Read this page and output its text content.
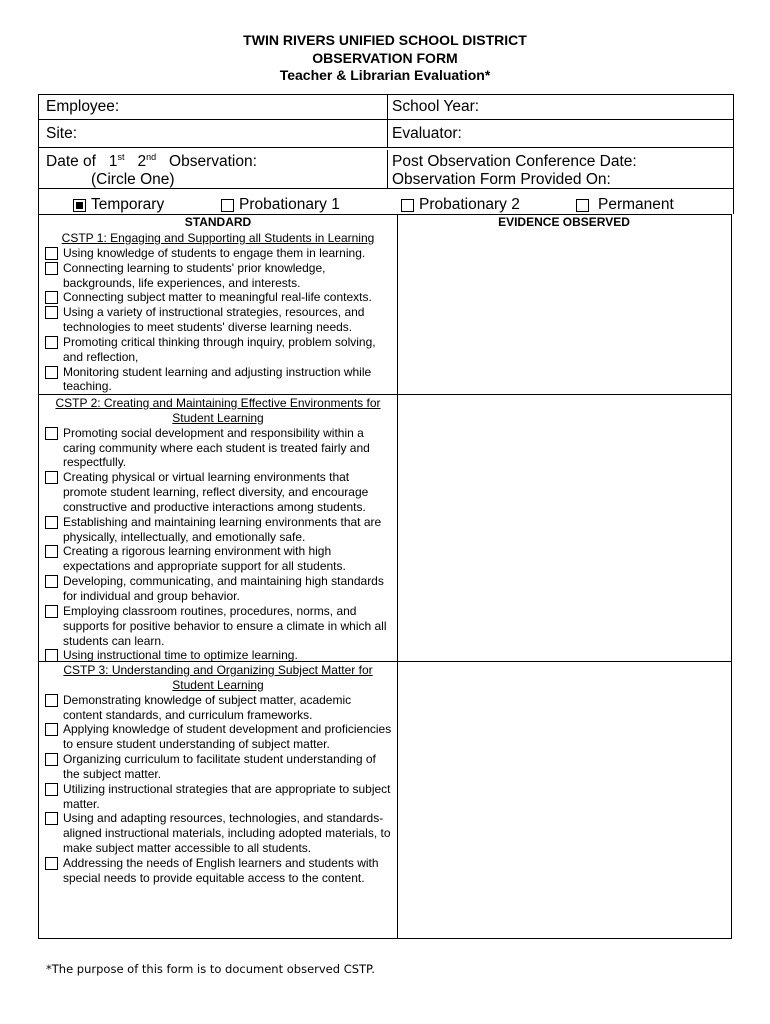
TWIN RIVERS UNIFIED SCHOOL DISTRICT
OBSERVATION FORM
Teacher & Librarian Evaluation*
Employee:	School Year:
Site:	Evaluator:
Date of 1st 2nd Observation:
(Circle One)
Post Observation Conference Date:
Observation Form Provided On:
Temporary	Probationary 1	Probationary 2	Permanent
STANDARD	EVIDENCE OBSERVED
CSTP 1: Engaging and Supporting all Students in Learning
Using knowledge of students to engage them in learning.
Connecting learning to students' prior knowledge, backgrounds, life experiences, and interests.
Connecting subject matter to meaningful real-life contexts.
Using a variety of instructional strategies, resources, and technologies to meet students' diverse learning needs.
Promoting critical thinking through inquiry, problem solving, and reflection,
Monitoring student learning and adjusting instruction while teaching.
CSTP 2: Creating and Maintaining Effective Environments for Student Learning
Promoting social development and responsibility within a caring community where each student is treated fairly and respectfully.
Creating physical or virtual learning environments that promote student learning, reflect diversity, and encourage constructive and productive interactions among students.
Establishing and maintaining learning environments that are physically, intellectually, and emotionally safe.
Creating a rigorous learning environment with high expectations and appropriate support for all students.
Developing, communicating, and maintaining high standards for individual and group behavior.
Employing classroom routines, procedures, norms, and supports for positive behavior to ensure a climate in which all students can learn.
Using instructional time to optimize learning.
CSTP 3: Understanding and Organizing Subject Matter for Student Learning
Demonstrating knowledge of subject matter, academic content standards, and curriculum frameworks.
Applying knowledge of student development and proficiencies to ensure student understanding of subject matter.
Organizing curriculum to facilitate student understanding of the subject matter.
Utilizing instructional strategies that are appropriate to subject matter.
Using and adapting resources, technologies, and standards-aligned instructional materials, including adopted materials, to make subject matter accessible to all students.
Addressing the needs of English learners and students with special needs to provide equitable access to the content.
*The purpose of this form is to document observed CSTP.
